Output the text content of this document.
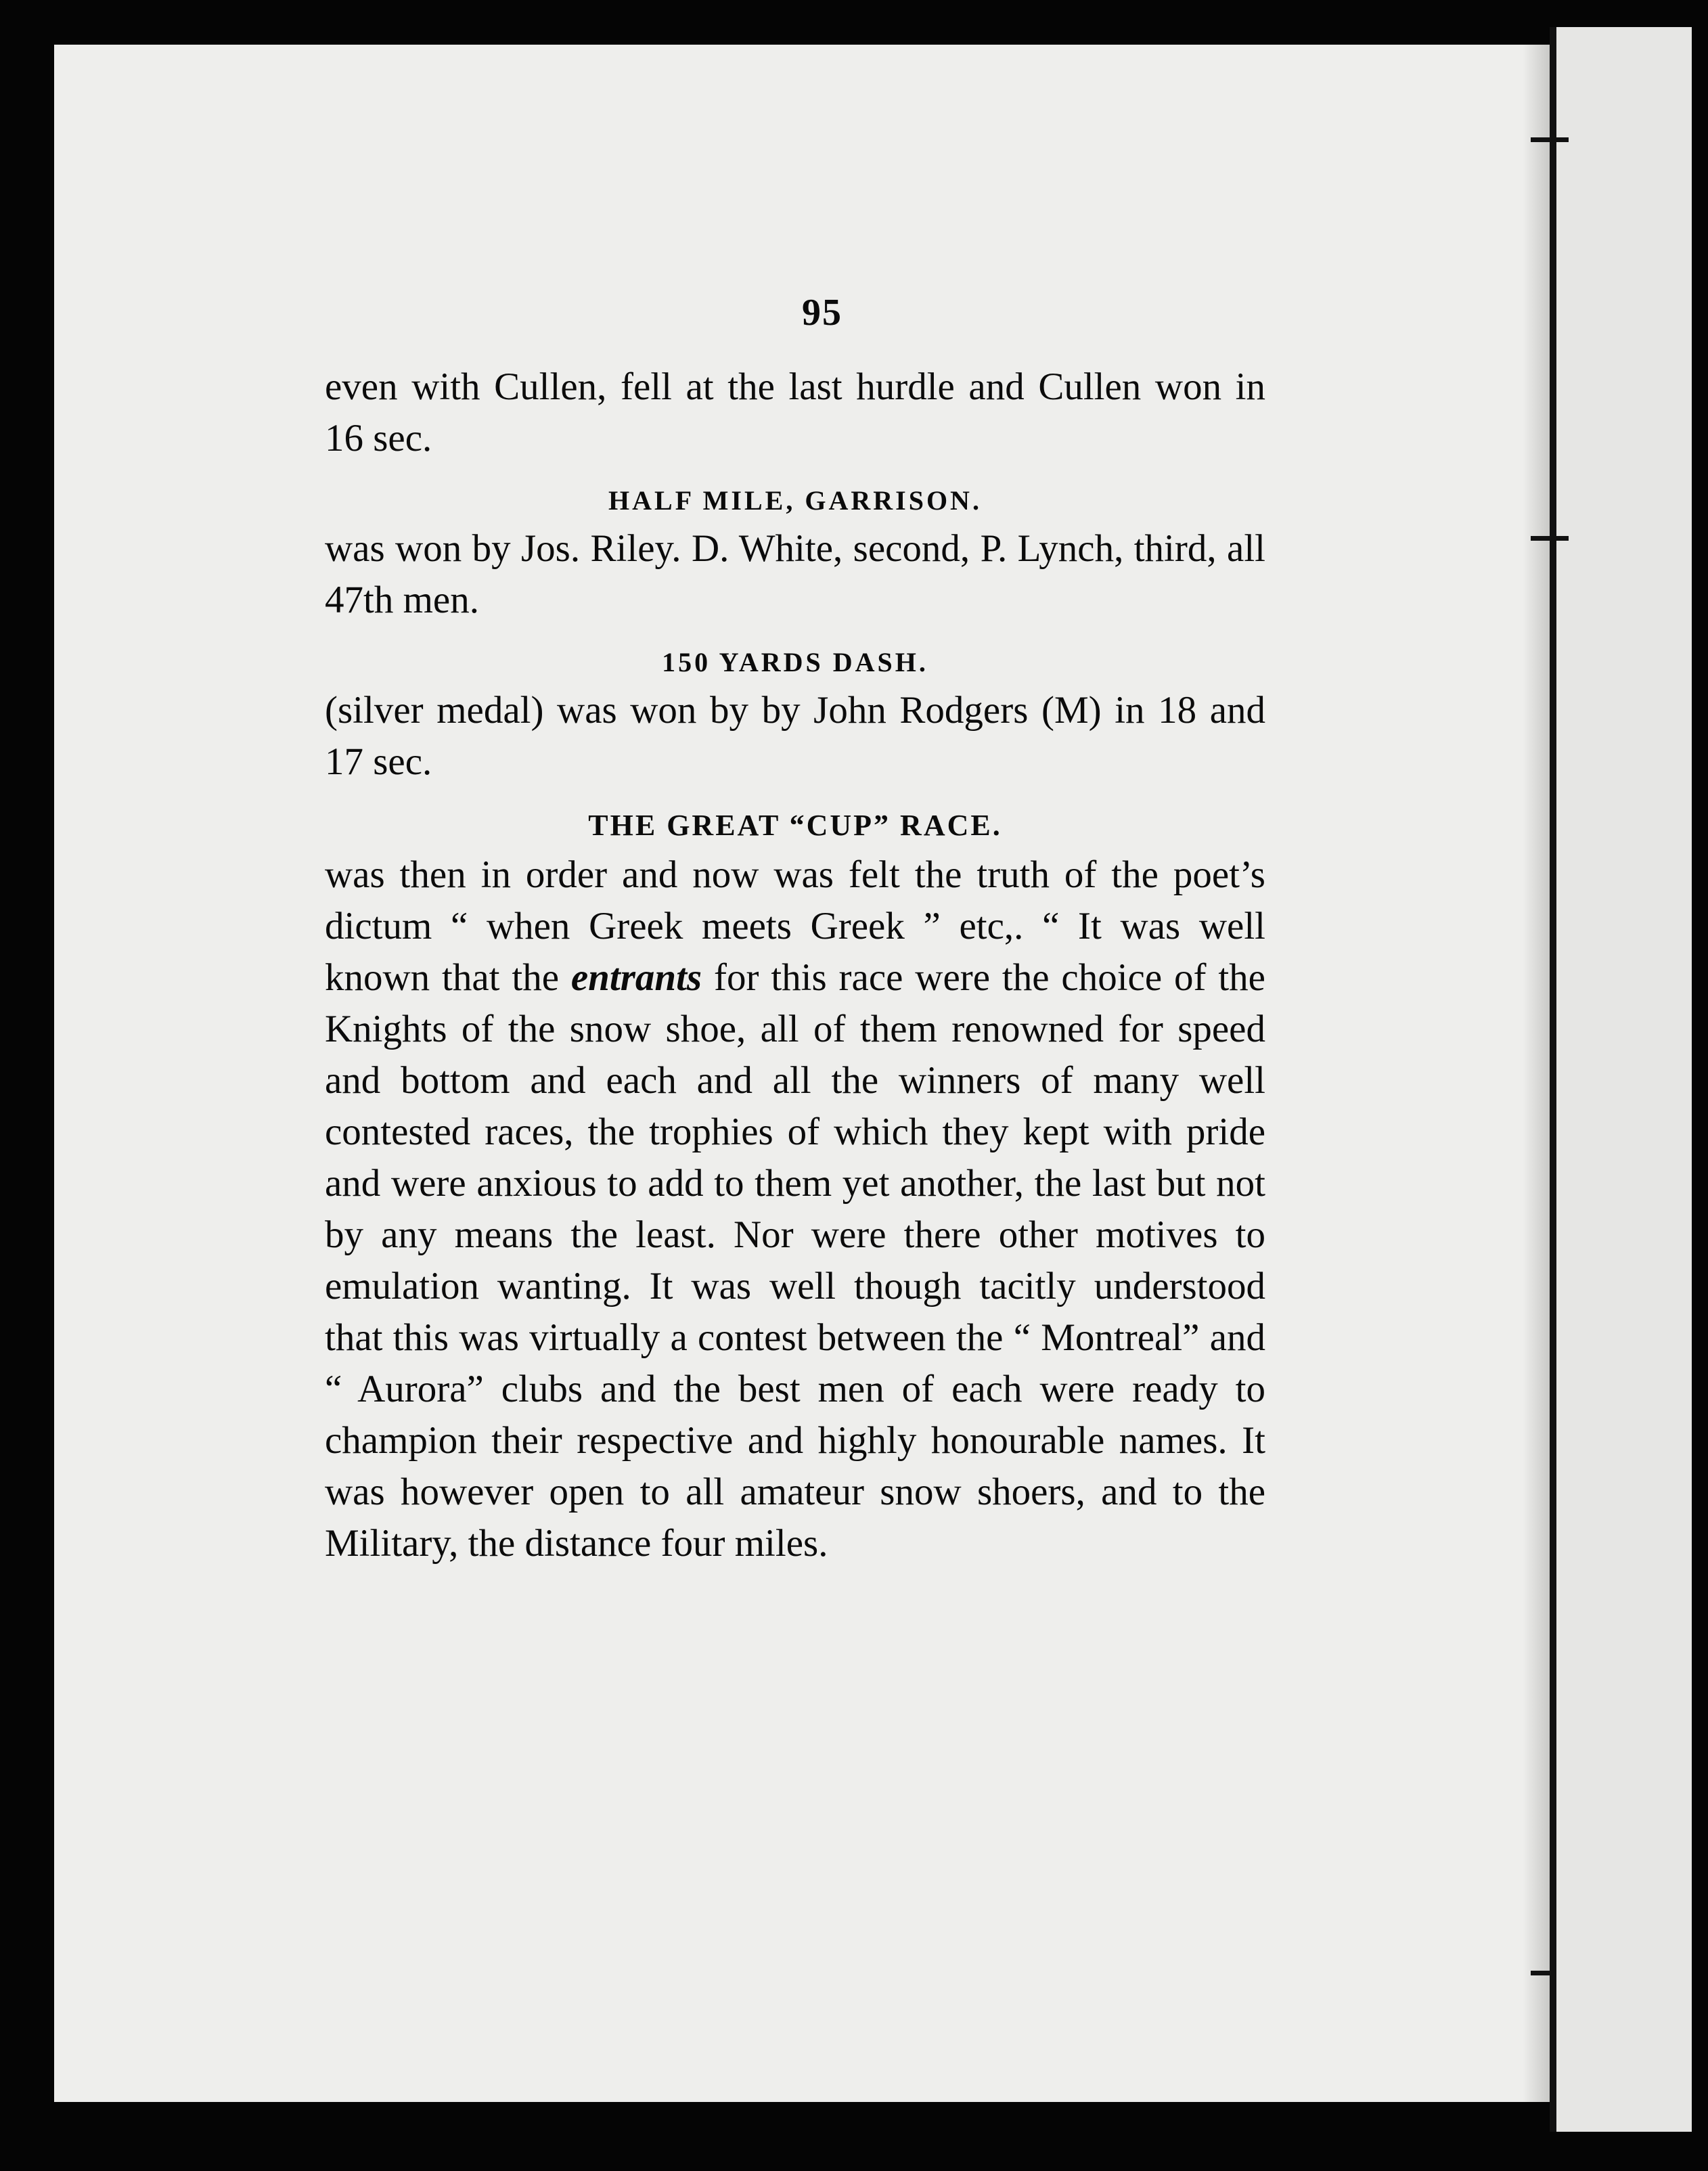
95

even with Cullen, fell at the last hurdle and Cullen won in 16 sec.

HALF MILE, GARRISON.

was won by Jos. Riley. D. White, second, P. Lynch, third, all 47th men.

150 YARDS DASH.

(silver medal) was won by by John Rodgers (M) in 18 and 17 sec.

THE GREAT “CUP” RACE.

was then in order and now was felt the truth of the poet’s dictum “ when Greek meets Greek ” etc,. “ It was well known that the entrants for this race were the choice of the Knights of the snow shoe, all of them renowned for speed and bottom and each and all the winners of many well contested races, the trophies of which they kept with pride and were anxious to add to them yet another, the last but not by any means the least. Nor were there other motives to emulation wanting. It was well though tacitly understood that this was virtually a contest between the “ Montreal” and “ Aurora” clubs and the best men of each were ready to champion their respective and highly honourable names. It was however open to all amateur snow shoers, and to the Military, the distance four miles.
